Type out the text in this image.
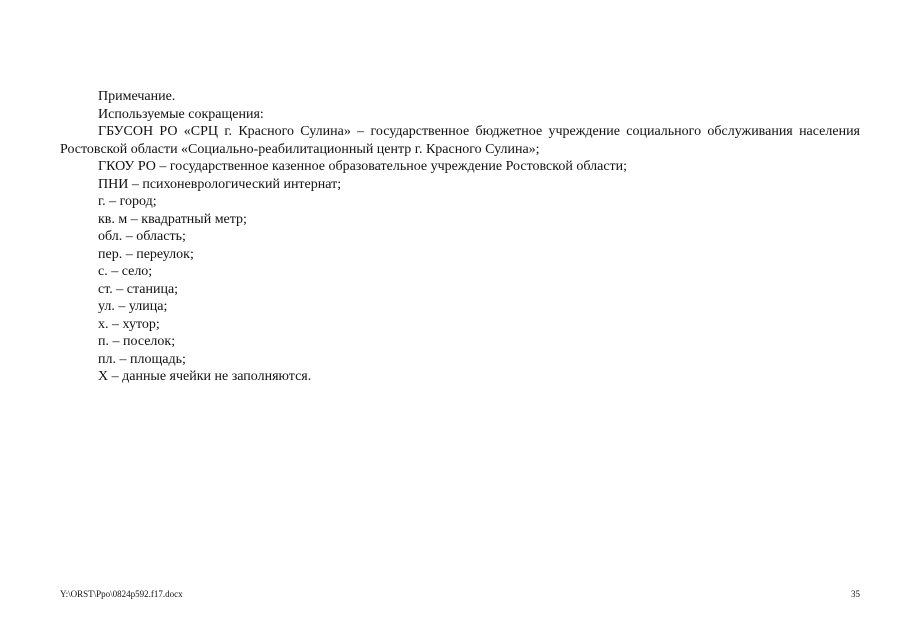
Примечание.
Используемые сокращения:
ГБУСОН РО «СРЦ г. Красного Сулина» – государственное бюджетное учреждение социального обслуживания населения Ростовской области «Социально-реабилитационный центр г. Красного Сулина»;
ГКОУ РО – государственное казенное образовательное учреждение Ростовской области;
ПНИ – психоневрологический интернат;
г. – город;
кв. м – квадратный метр;
обл. – область;
пер. – переулок;
с. – село;
ст. – станица;
ул. – улица;
х. – хутор;
п. – поселок;
пл. – площадь;
Х – данные ячейки не заполняются.
Y:\ORST\Ppo\0824p592.f17.docx	35
